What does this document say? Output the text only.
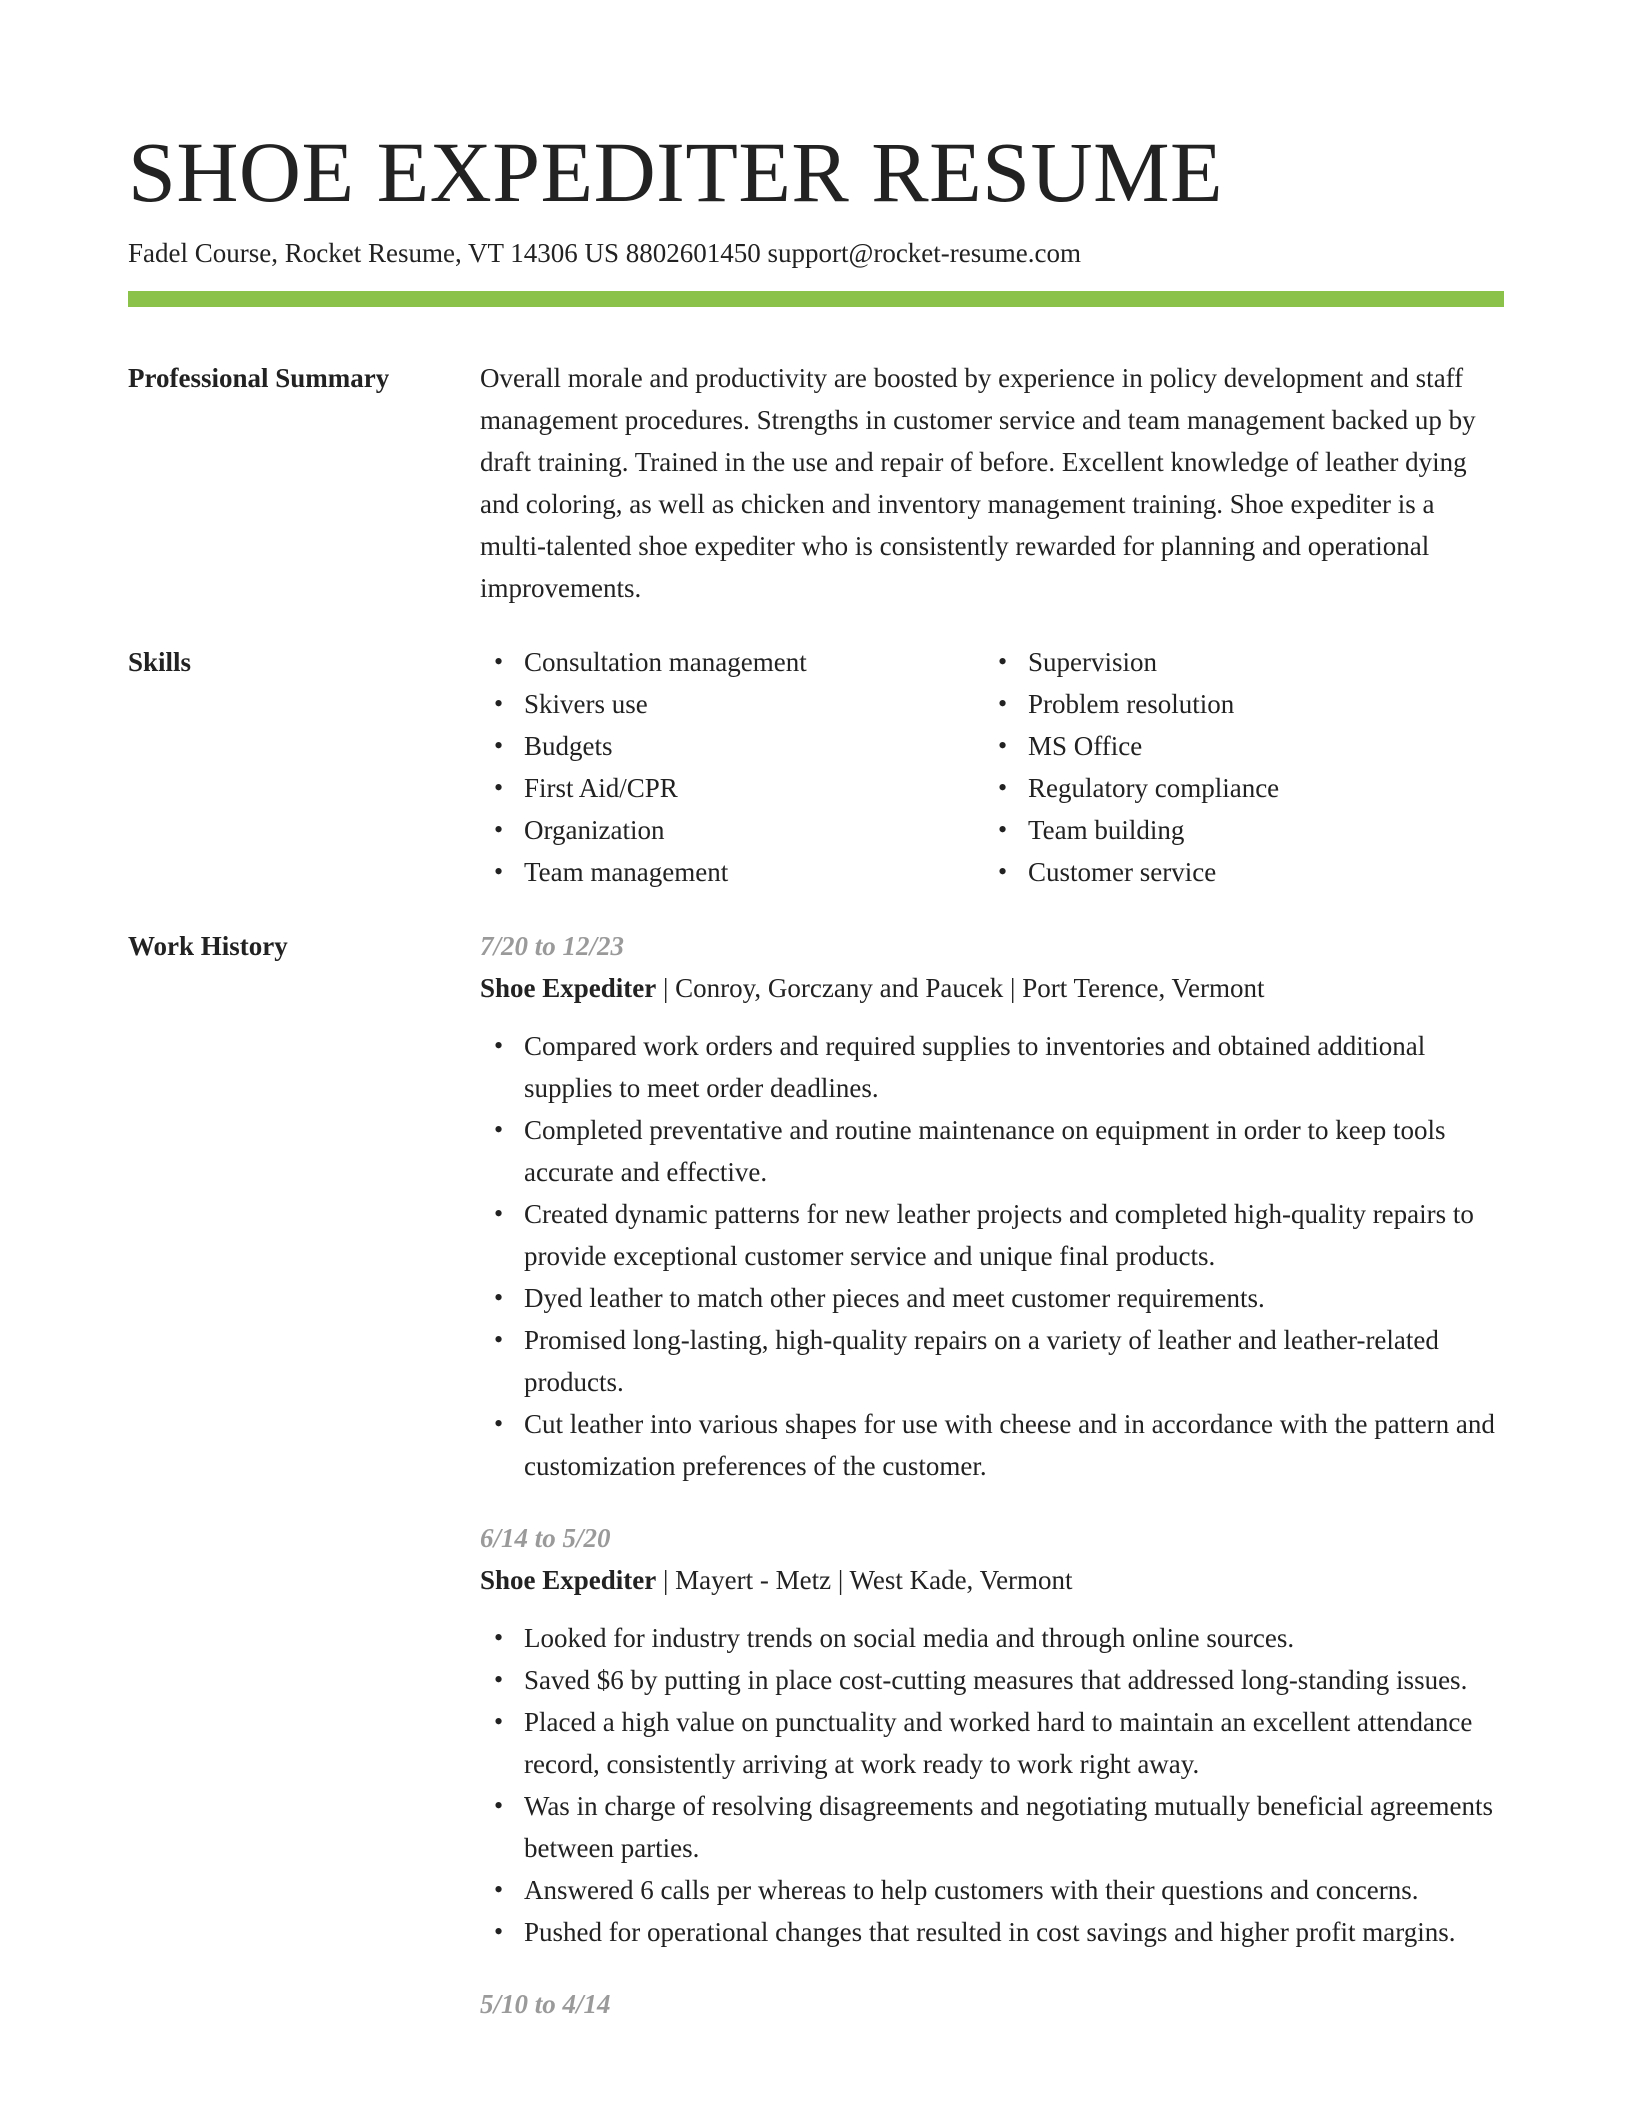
SHOE EXPEDITER RESUME
Fadel Course, Rocket Resume, VT 14306 US 8802601450 support@rocket-resume.com
Professional Summary	Overall morale and productivity are boosted by experience in policy development and staff management procedures. Strengths in customer service and team management backed up by draft training. Trained in the use and repair of before. Excellent knowledge of leather dying and coloring, as well as chicken and inventory management training. Shoe expediter is a multi-talented shoe expediter who is consistently rewarded for planning and operational improvements.

Skills	• Consultation management
• Skivers use
• Budgets
• First Aid/CPR
• Organization
• Team management
• Supervision
• Problem resolution
• MS Office
• Regulatory compliance
• Team building
• Customer service
Work History	7/20 to 12/23
Shoe Expediter | Conroy, Gorczany and Paucek | Port Terence, Vermont
• Compared work orders and required supplies to inventories and obtained additional supplies to meet order deadlines.
• Completed preventative and routine maintenance on equipment in order to keep tools accurate and effective.
• Created dynamic patterns for new leather projects and completed high-quality repairs to provide exceptional customer service and unique final products.
• Dyed leather to match other pieces and meet customer requirements.
• Promised long-lasting, high-quality repairs on a variety of leather and leather-related products.
• Cut leather into various shapes for use with cheese and in accordance with the pattern and customization preferences of the customer.
6/14 to 5/20
Shoe Expediter | Mayert - Metz | West Kade, Vermont
• Looked for industry trends on social media and through online sources.
• Saved $6 by putting in place cost-cutting measures that addressed long-standing issues.
• Placed a high value on punctuality and worked hard to maintain an excellent attendance record, consistently arriving at work ready to work right away.
• Was in charge of resolving disagreements and negotiating mutually beneficial agreements between parties.
• Answered 6 calls per whereas to help customers with their questions and concerns.
• Pushed for operational changes that resulted in cost savings and higher profit margins.
5/10 to 4/14
